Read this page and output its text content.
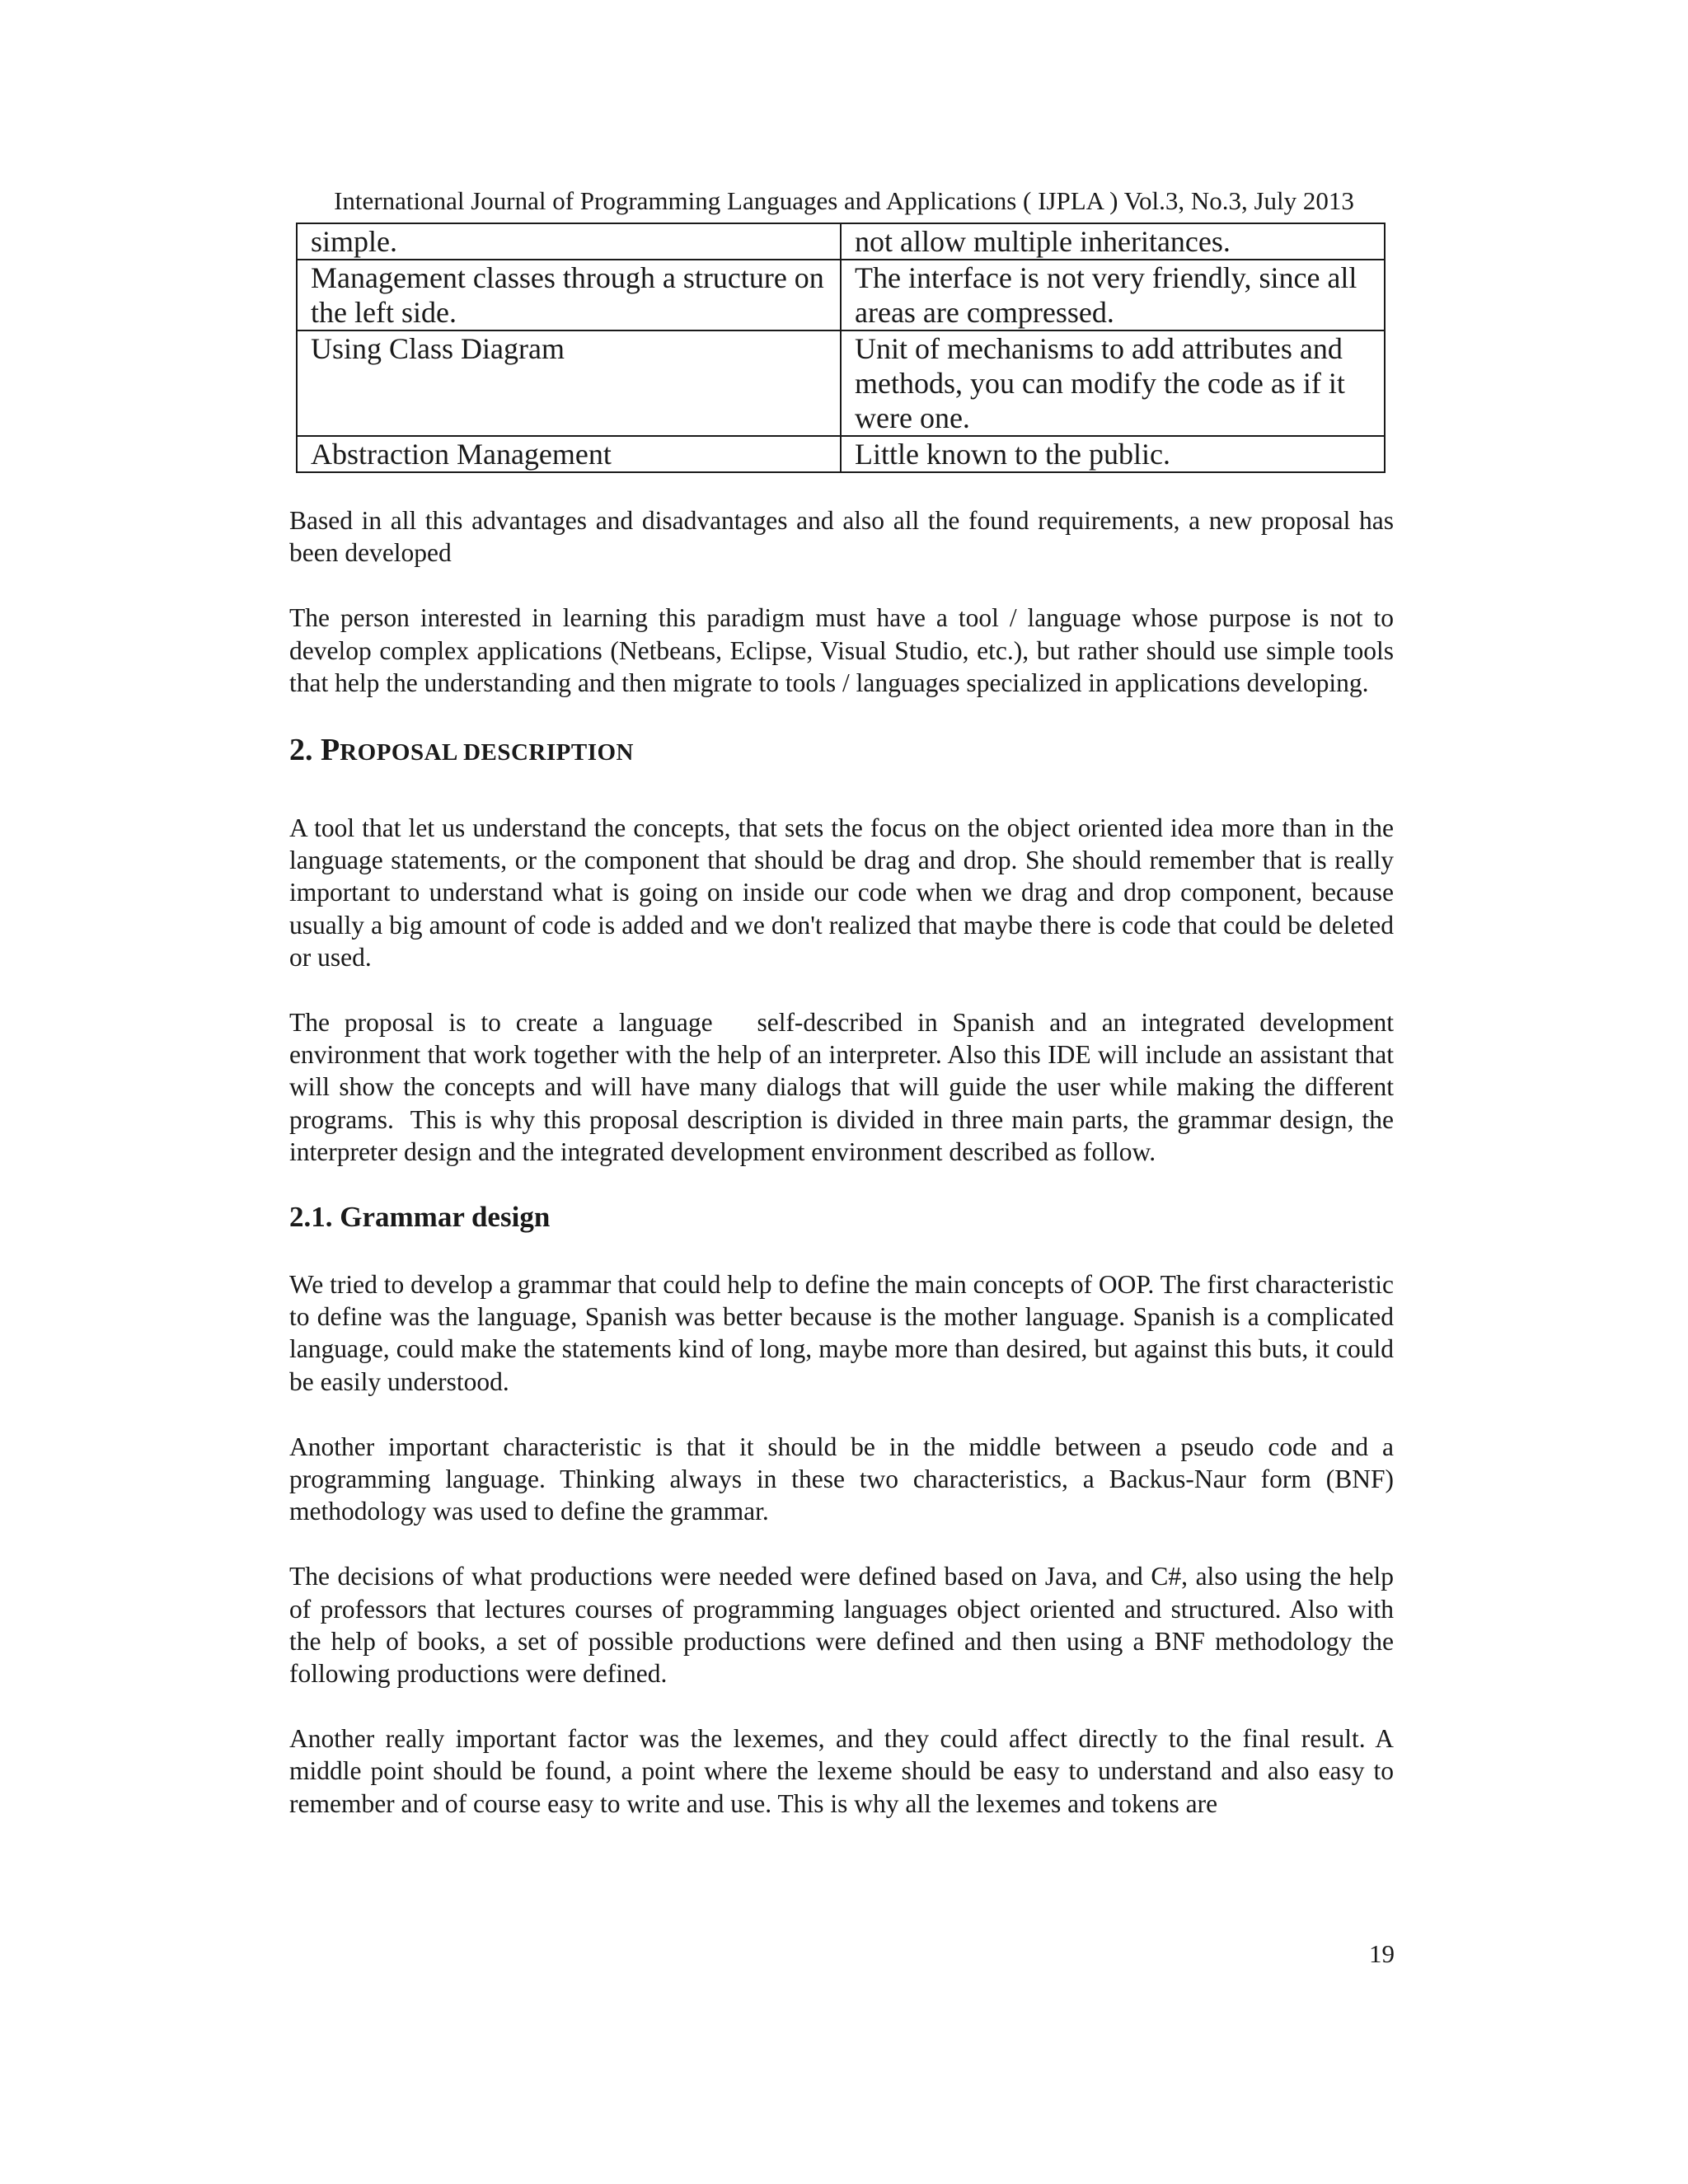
International Journal of Programming Languages and Applications ( IJPLA ) Vol.3, No.3, July 2013
simple.	not allow multiple inheritances.
Management classes through a structure on the left side.	The interface is not very friendly, since all areas are compressed.
Using Class Diagram	Unit of mechanisms to add attributes and methods, you can modify the code as if it were one.
Abstraction Management	Little known to the public.

Based in all this advantages and disadvantages and also all the found requirements, a new proposal has been developed

The person interested in learning this paradigm must have a tool / language whose purpose is not to develop complex applications (Netbeans, Eclipse, Visual Studio, etc.), but rather should use simple tools that help the understanding and then migrate to tools / languages specialized in applications developing.

2. PROPOSAL DESCRIPTION

A tool that let us understand the concepts, that sets the focus on the object oriented idea more than in the language statements, or the component that should be drag and drop. She should remember that is really important to understand what is going on inside our code when we drag and drop component, because usually a big amount of code is added and we don't realized that maybe there is code that could be deleted or used.

The proposal is to create a language   self-described in Spanish and an integrated development environment that work together with the help of an interpreter. Also this IDE will include an assistant that will show the concepts and will have many dialogs that will guide the user while making the different programs.  This is why this proposal description is divided in three main parts, the grammar design, the interpreter design and the integrated development environment described as follow.

2.1. Grammar design

We tried to develop a grammar that could help to define the main concepts of OOP. The first characteristic to define was the language, Spanish was better because is the mother language. Spanish is a complicated language, could make the statements kind of long, maybe more than desired, but against this buts, it could be easily understood.

Another important characteristic is that it should be in the middle between a pseudo code and a programming language. Thinking always in these two characteristics, a Backus-Naur form (BNF) methodology was used to define the grammar.

The decisions of what productions were needed were defined based on Java, and C#, also using the help of professors that lectures courses of programming languages object oriented and structured. Also with the help of books, a set of possible productions were defined and then using a BNF methodology the following productions were defined.

Another really important factor was the lexemes, and they could affect directly to the final result. A middle point should be found, a point where the lexeme should be easy to understand and also easy to remember and of course easy to write and use. This is why all the lexemes and tokens are

19
